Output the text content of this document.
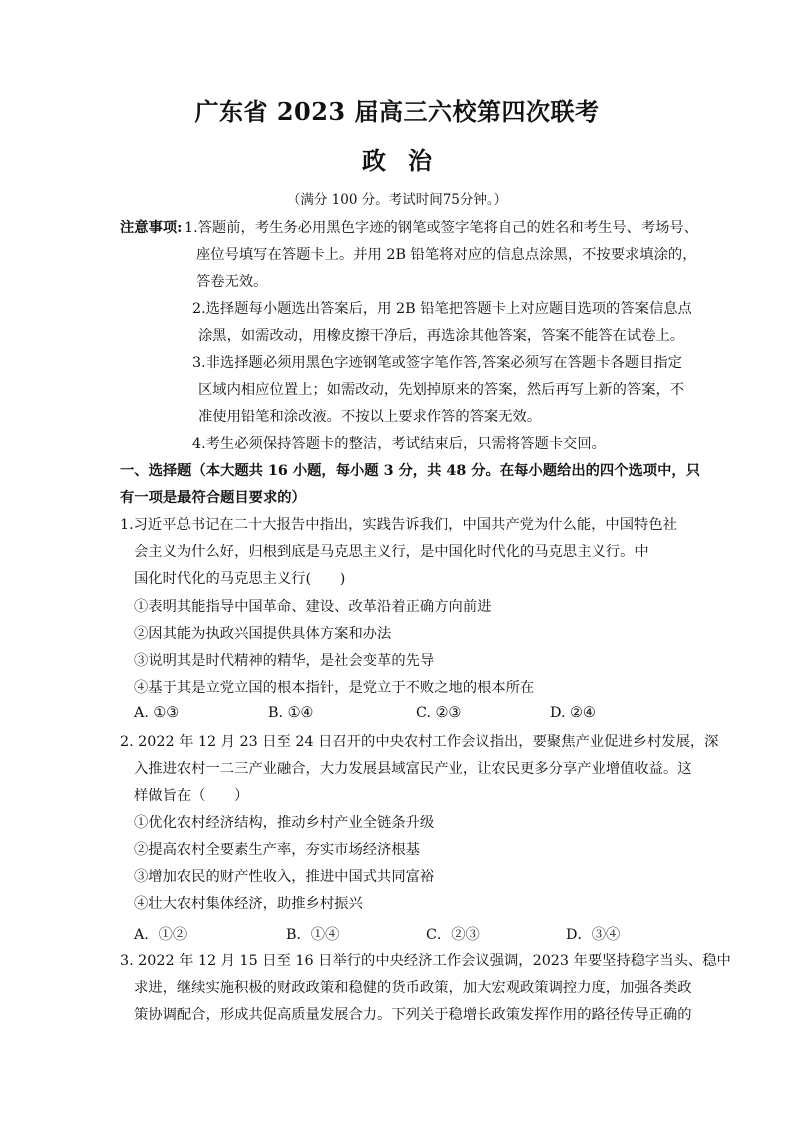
广东省 2023 届高三六校第四次联考
政治
（满分 100 分。考试时间75分钟。）
注意事项: 1.答题前，考生务必用黑色字迹的钢笔或签字笔将自己的姓名和考生号、考场号、
座位号填写在答题卡上。并用 2B 铅笔将对应的信息点涂黑，不按要求填涂的，
答卷无效。
2.选择题每小题选出答案后，用 2B 铅笔把答题卡上对应题目选项的答案信息点
涂黑，如需改动，用橡皮擦干净后，再选涂其他答案，答案不能答在试卷上。
3.非选择题必须用黑色字迹钢笔或签字笔作答,答案必须写在答题卡各题目指定
区域内相应位置上；如需改动，先划掉原来的答案，然后再写上新的答案，不
准使用铅笔和涂改液。不按以上要求作答的答案无效。
4.考生必须保持答题卡的整洁，考试结束后，只需将答题卡交回。
一、选择题（本大题共 16 小题，每小题 3 分，共 48 分。在每小题给出的四个选项中，只
有一项是最符合题目要求的）
1.习近平总书记在二十大报告中指出，实践告诉我们，中国共产党为什么能，中国特色社
会主义为什么好，归根到底是马克思主义行，是中国化时代化的马克思主义行。中
国化时代化的马克思主义行(　　)
①表明其能指导中国革命、建设、改革沿着正确方向前进
②因其能为执政兴国提供具体方案和办法
③说明其是时代精神的精华，是社会变革的先导
④基于其是立党立国的根本指针，是党立于不败之地的根本所在
A. ①③	B. ①④	C. ②③	D. ②④
2. 2022 年 12 月 23 日至 24 日召开的中央农村工作会议指出，要聚焦产业促进乡村发展，深
入推进农村一二三产业融合，大力发展县域富民产业，让农民更多分享产业增值收益。这
样做旨在（　　）
①优化农村经济结构，推动乡村产业全链条升级
②提高农村全要素生产率，夯实市场经济根基
③增加农民的财产性收入，推进中国式共同富裕
④壮大农村集体经济，助推乡村振兴
A．①②	B．①④	C．②③	D．③④
3. 2022 年 12 月 15 日至 16 日举行的中央经济工作会议强调，2023 年要坚持稳字当头、稳中
求进，继续实施积极的财政政策和稳健的货币政策，加大宏观政策调控力度，加强各类政
策协调配合，形成共促高质量发展合力。下列关于稳增长政策发挥作用的路径传导正确的
